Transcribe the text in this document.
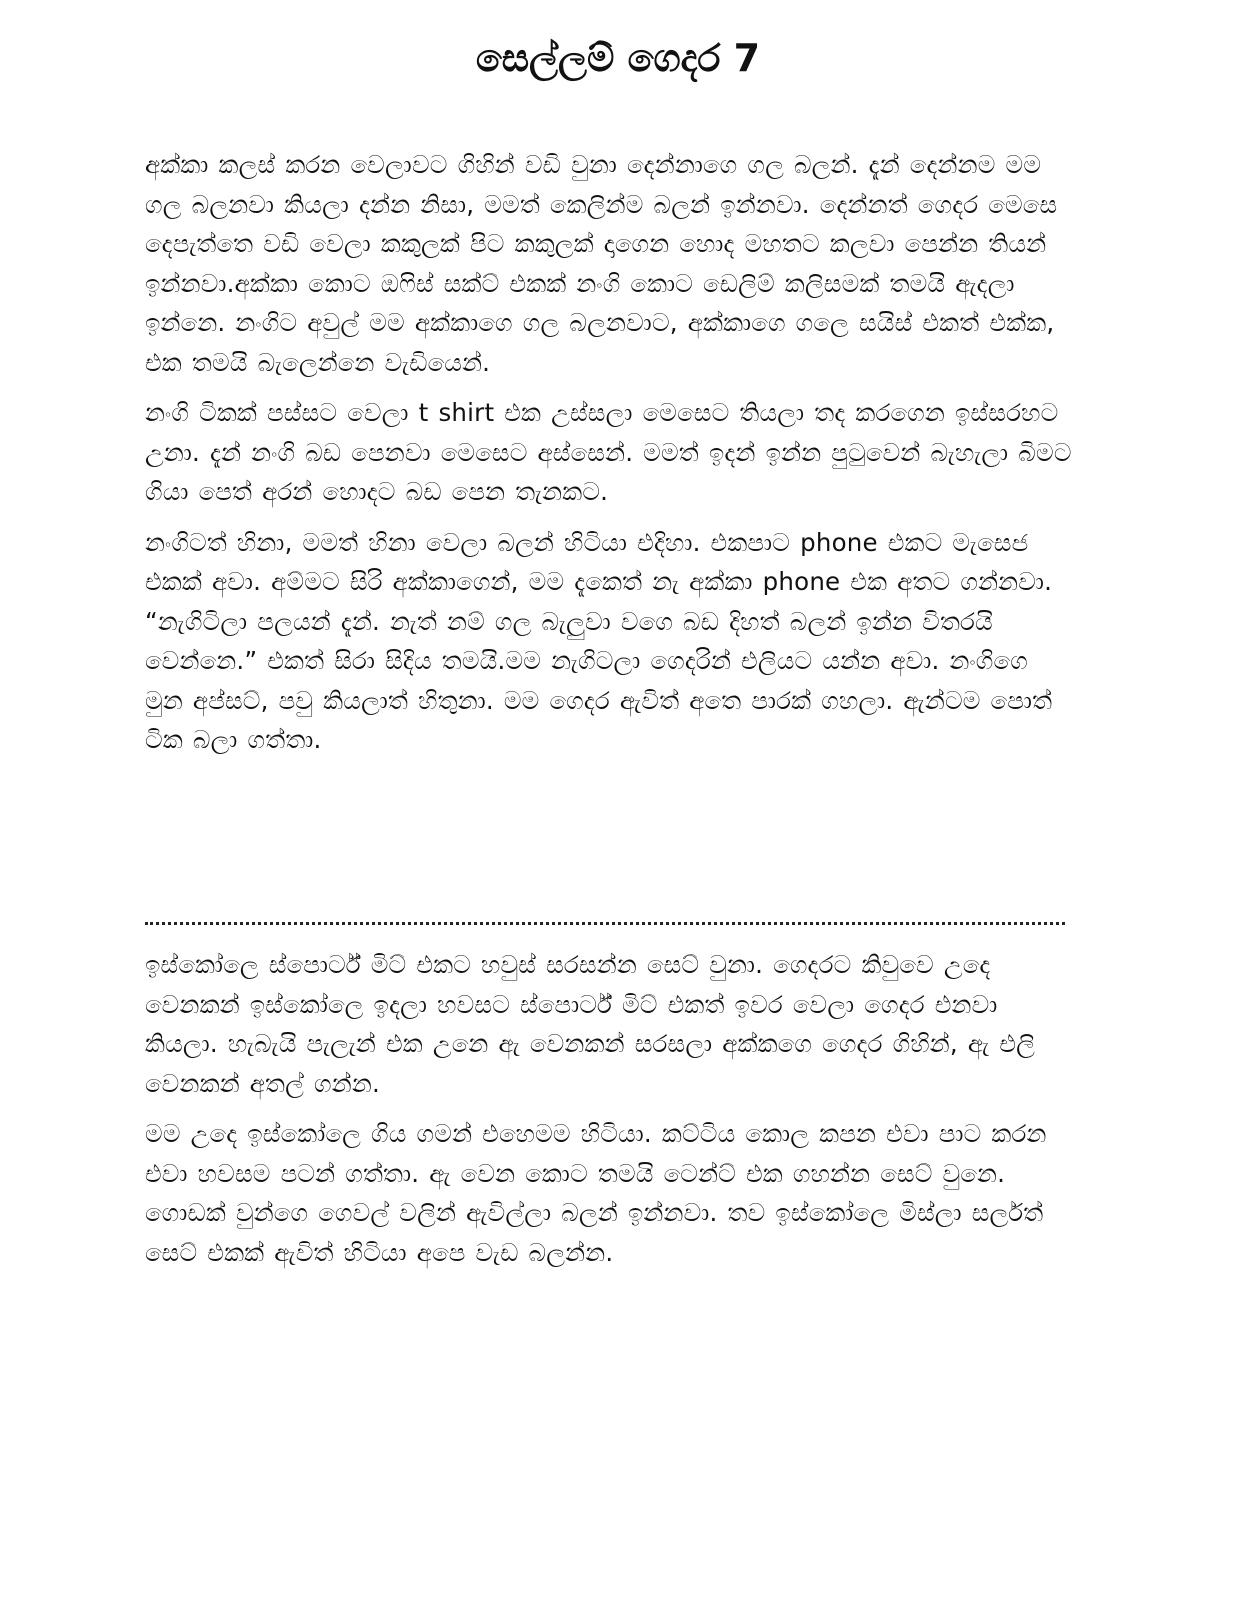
සෙල්ලම් ගෙදර 7

අක්කා කලස් කරන වෙලාවට ගිහින් වඩි වුනා දෙන්නාගෙ ගල බලන්. දැන් දෙන්නම මම ගල බලනවා කියලා දන්න නිසා, මමත් කෙලින්ම බලන් ඉන්නවා. දෙන්නත් ගෙදර මෙසෙ දෙපැත්තෙ වඩි වෙලා කකුලක් පිට කකුලක් දාගෙන හොද මහතට කලවා පෙන්න තියන් ඉන්නවා.අක්කා කොට ඔෆිස් සක්ට් එකක් නංගි කොට ඩෙලිම් කලිසමක් තමයි ඇදලා ඉන්නෙ. නංගිට අවුල් මම අක්කාගෙ ගල බලනවාට, අක්කාගෙ ගලෙ සයිස් එකත් එක්ක, එක තමයි බැලෙන්නෙ වැඩියෙන්.

නංගි ටිකක් පස්සට වෙලා t shirt එක උස්සලා මෙසෙට තියලා තද කරගෙන ඉස්සරහට උනා. දැන් නංගි බඩ පෙනවා මෙසෙට අස්සෙන්. මමත් ඉදන් ඉන්න පුටුවෙන් බැහැලා බිමට ගියා පෙත් අරන් හොදට බඩ පෙන තැනකට.

නංගිටත් හිනා, මමත් හිනා වෙලා බලන් හිටියා එදිහා. එකපාට phone එකට මැසෙජ එකක් අවා. අම්මට සිරි අක්කාගෙන්, මම දැකෙත් නැ අක්කා phone එක අතට ගන්නවා. “නැගිටිලා පලයන් දැන්. නැත් නම් ගල බැලුවා වගෙ බඩ දිහත් බලන් ඉන්න විතරයි වෙන්නෙ.” එකත් සිරා සිදිය තමයි.මම නැගිටලා ගෙදරින් එලියට යන්න අවා. නංගිගෙ මුන අප්සට්, පවු කියලාත් හිතුනා. මම ගෙදර ඇවිත් අතෙ පාරක් ගහලා. ඇන්ටම පොත් ටික බලා ගත්තා.

ඉස්කෝලෙ ස්පොර්ට් මිට් එකට හවුස් සරසන්න සෙට් වුනා. ගෙදරට කිවුවෙ උදෙ වෙනකන් ඉස්කෝලෙ ඉදලා හවසට ස්පොර්ට් මිට් එකත් ඉවර වෙලා ගෙදර එනවා කියලා. හැබැයි පැලැන් එක උනෙ ඇ වෙනකන් සරසලා අක්කගෙ ගෙදර ගිහින්, ඇ එලි වෙනකන් අතල් ගන්න.

මම උදෙ ඉස්කෝලෙ ගිය ගමන් එහෙමම හිටියා. කට්ටිය කොල කපන එවා පාට කරන එවා හවසම පටන් ගත්තා. ඇ වෙන කොට තමයි ටෙන්ට් එක ගහන්න සෙට් වුනෙ. ගොඩක් වුන්ගෙ ගෙවල් වලින් ඇවිල්ලා බලන් ඉන්නවා. තව ඉස්කෝලෙ මිස්ලා සර්ලත් සෙට් එකක් ඇවිත් හිටියා අපෙ වැඩ බලන්න.
